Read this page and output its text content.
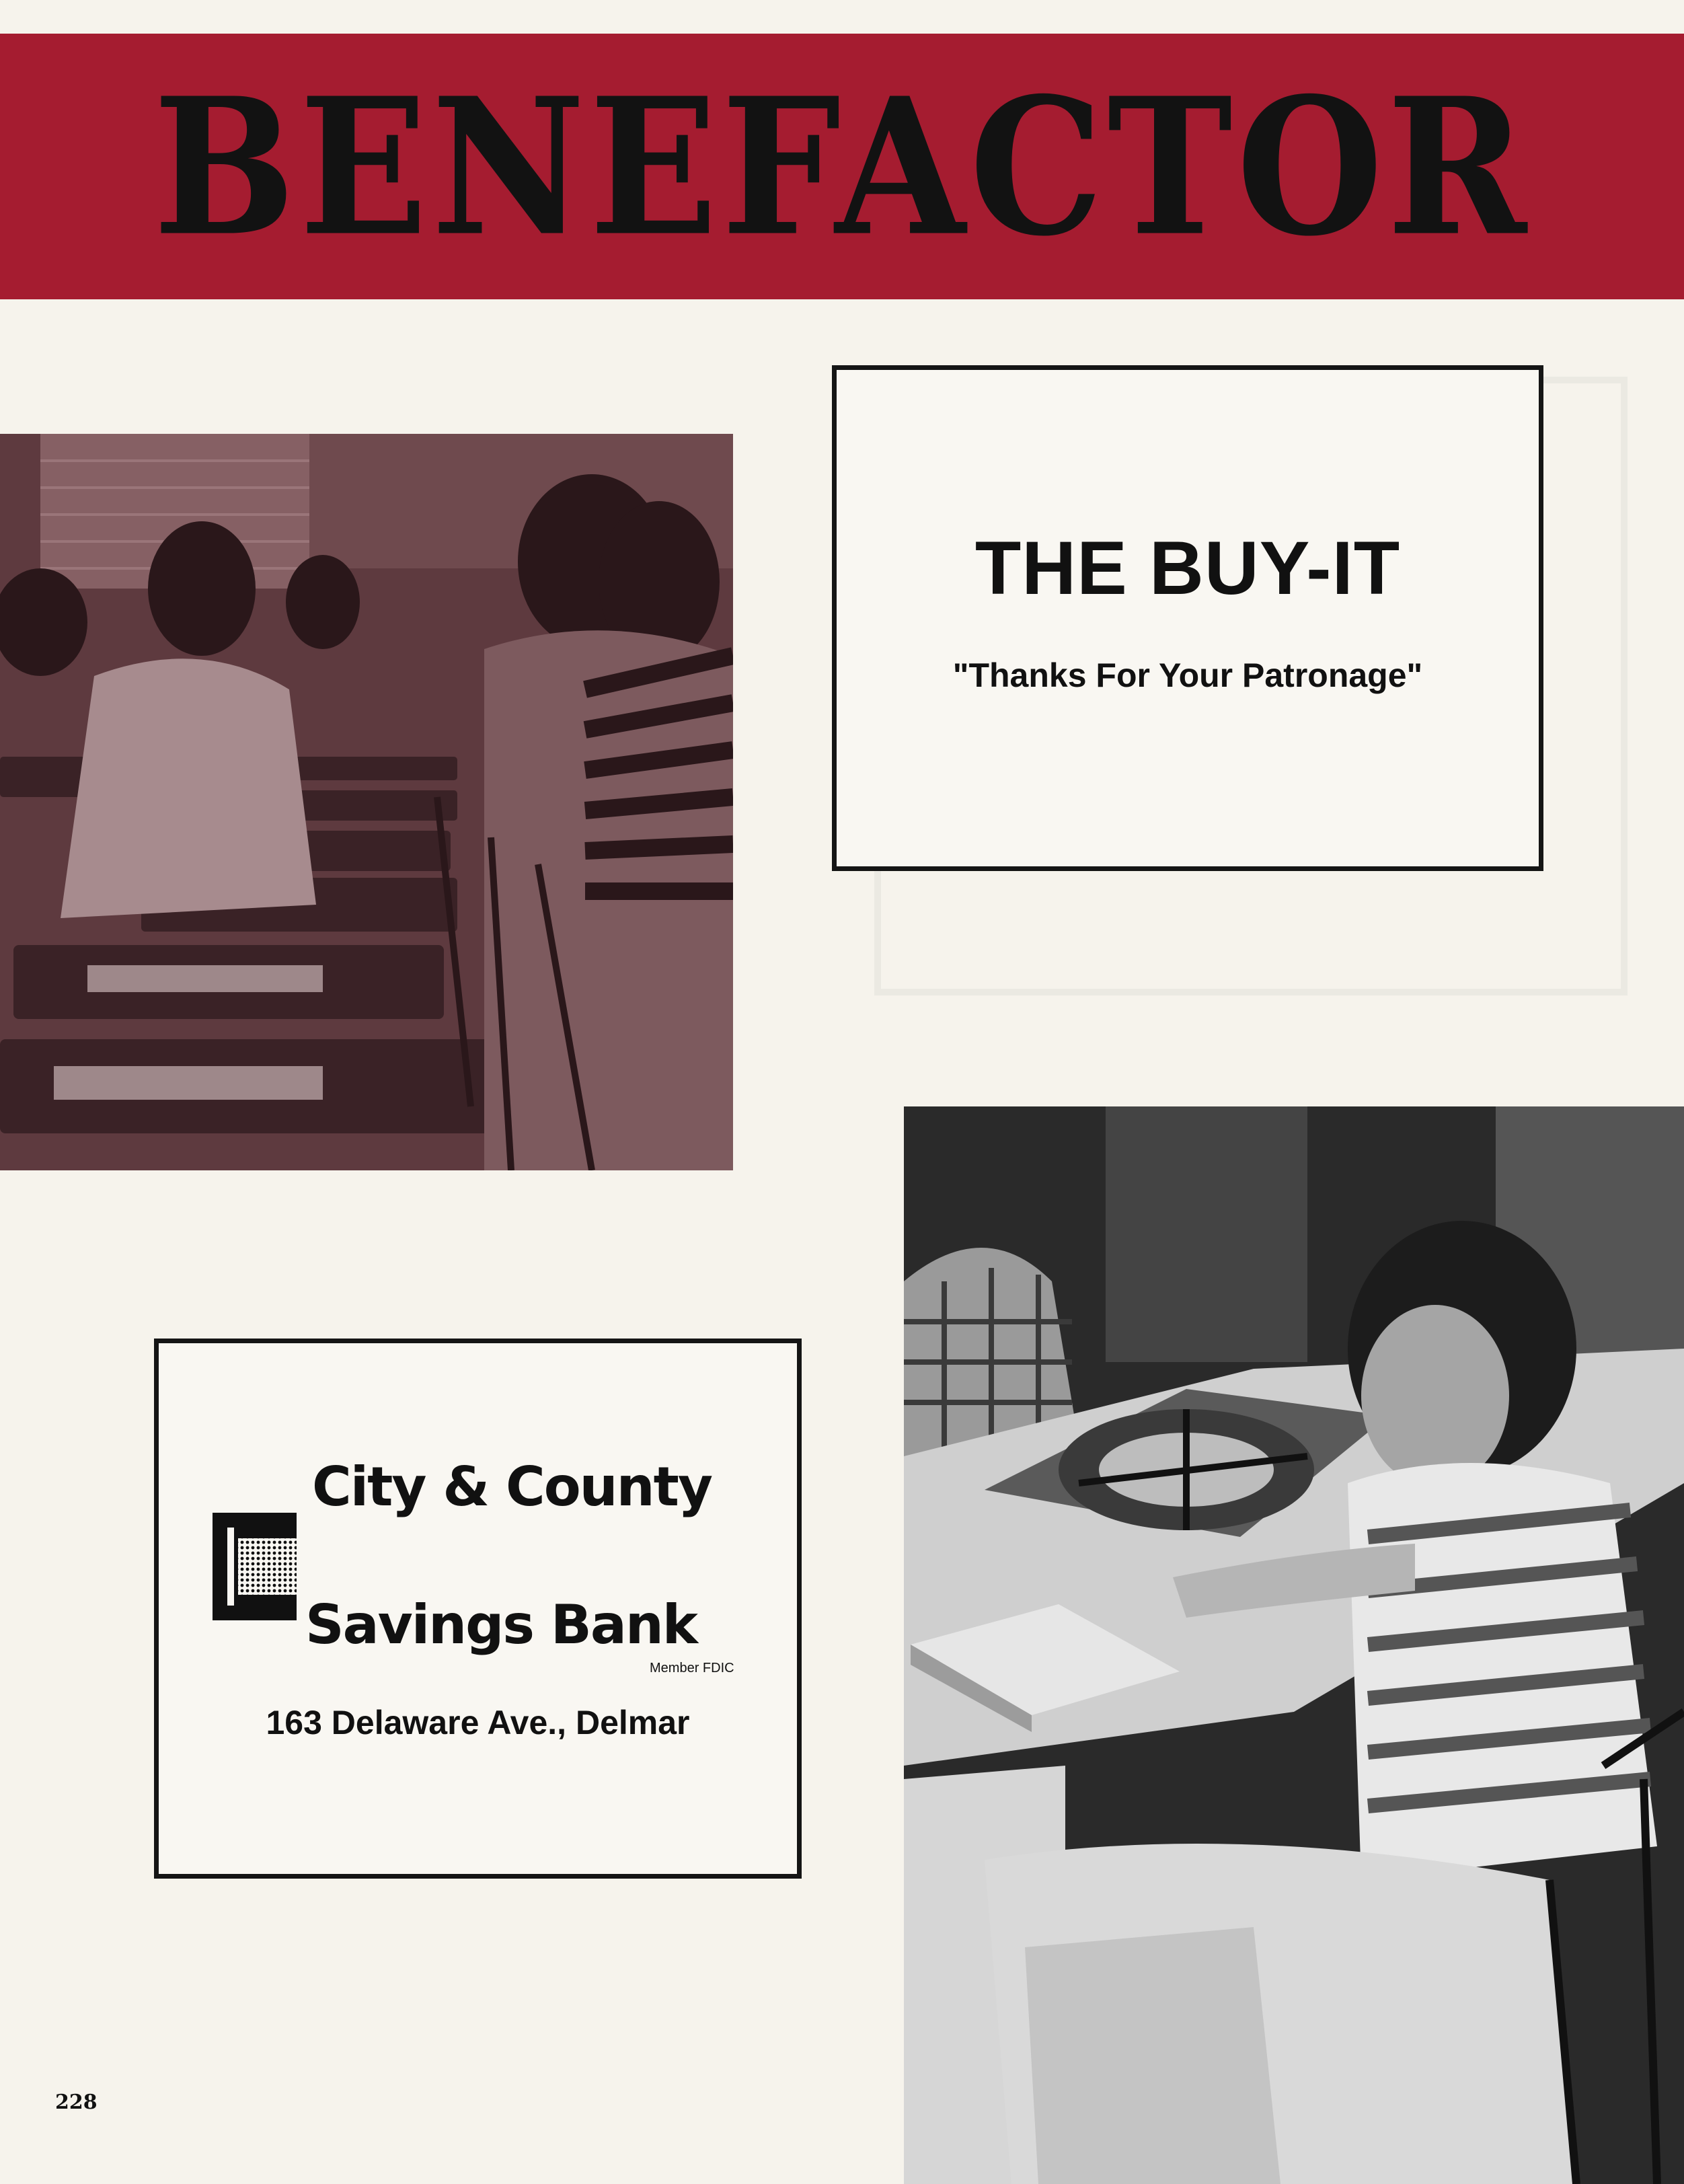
BENEFACTOR
THE BUY-IT
"Thanks For Your Patronage"
City & County
Savings Bank
Member FDIC
163 Delaware Ave., Delmar
228
